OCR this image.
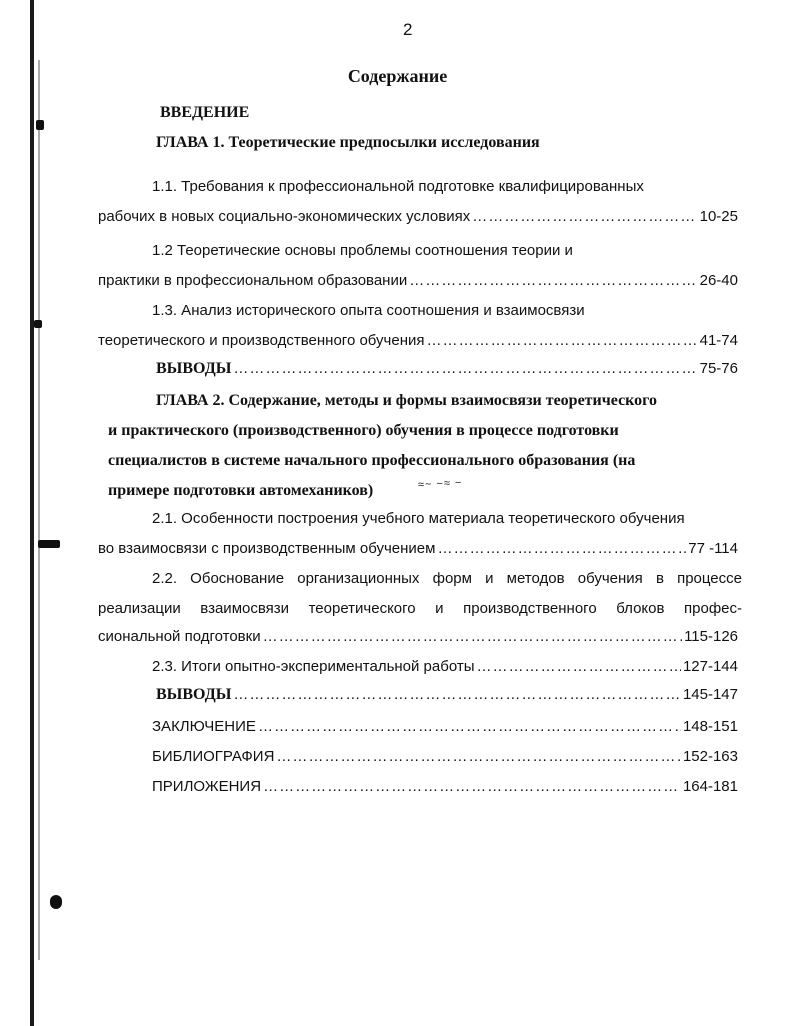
2
Содержание
ВВЕДЕНИЕ
ГЛАВА 1. Теоретические предпосылки исследования
1.1. Требования к профессиональной подготовке квалифицированных
рабочих в новых социально-экономических условиях ……………………………………………………………………………………………………………………………………………………………	10-25
1.2 Теоретические основы проблемы соотношения теории и
практики в профессиональном образовании ……………………………………………………………………………………………………………………………………………………………	26-40
1.3. Анализ исторического опыта соотношения и взаимосвязи
теоретического и производственного обучения ……………………………………………………………………………………………………………………………………………………………	41-74
ВЫВОДЫ ……………………………………………………………………………………………………………………………………………………………	75-76
ГЛАВА 2. Содержание, методы и формы взаимосвязи теоретического
и практического (производственного) обучения в процессе подготовки
специалистов в системе начального профессионального образования (на
примере подготовки автомехаников)	≈~ ~≈ ~
2.1. Особенности построения учебного материала теоретического обучения
во взаимосвязи с производственным обучением ……………………………………………………………………………………………………………………………………………………………	77 -114
2.2. Обоснование организационных форм и методов обучения в процессе
реализации взаимосвязи теоретического и производственного блоков профес-
сиональной подготовки ……………………………………………………………………………………………………………………………………………………………	115-126
2.3. Итоги опытно-экспериментальной работы ……………………………………………………………………………………………………………………………………………………………	127-144
ВЫВОДЫ ……………………………………………………………………………………………………………………………………………………………	145-147
ЗАКЛЮЧЕНИЕ ……………………………………………………………………………………………………………………………………………………………	148-151
БИБЛИОГРАФИЯ ……………………………………………………………………………………………………………………………………………………………	152-163
ПРИЛОЖЕНИЯ ……………………………………………………………………………………………………………………………………………………………	164-181
